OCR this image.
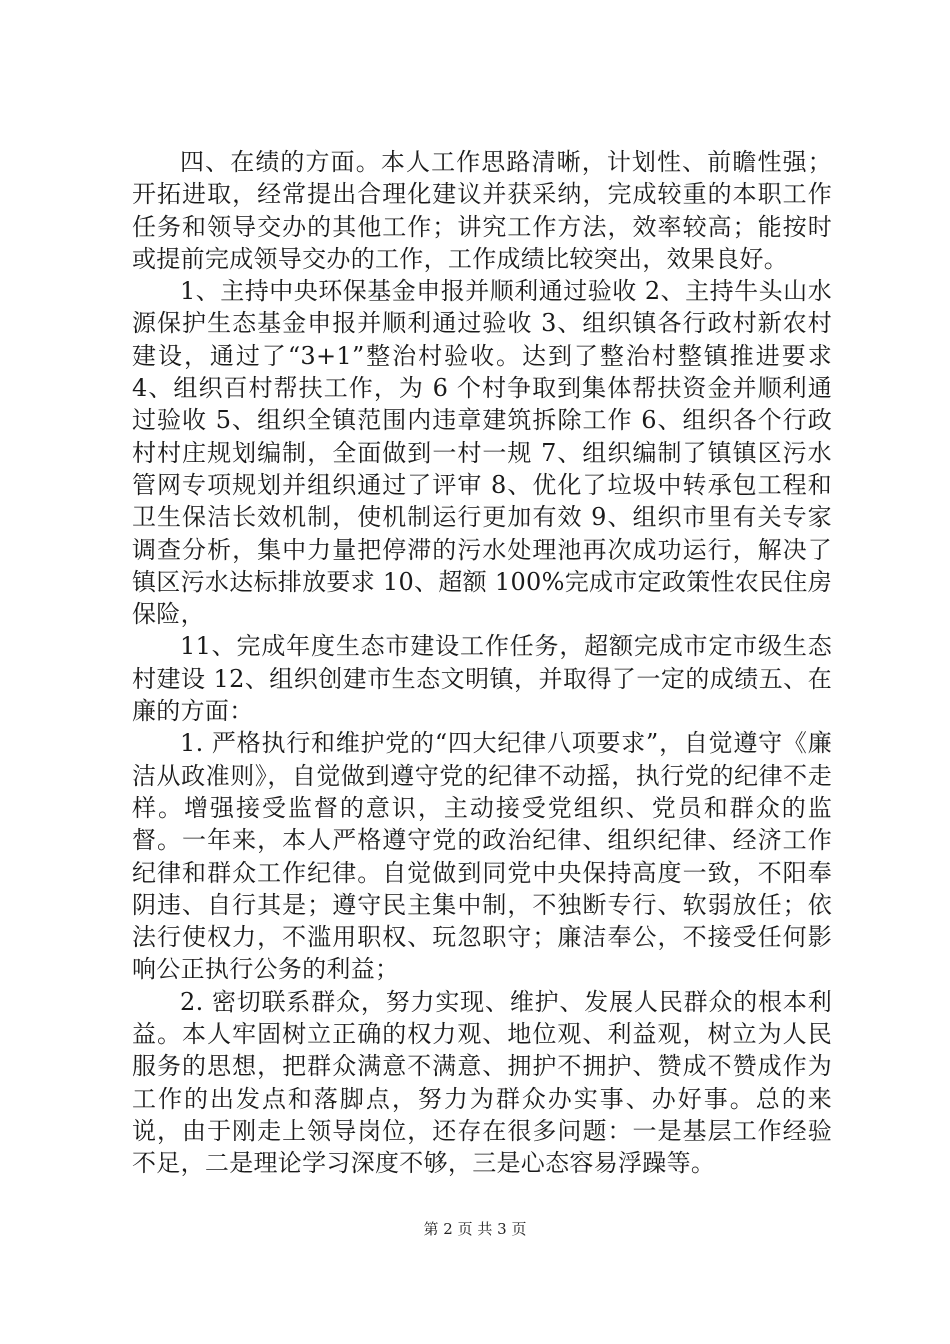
四、在绩的方面。本人工作思路清晰，计划性、前瞻性强；开拓进取，经常提出合理化建议并获采纳，完成较重的本职工作任务和领导交办的其他工作；讲究工作方法，效率较高；能按时或提前完成领导交办的工作，工作成绩比较突出，效果良好。

1、主持中央环保基金申报并顺利通过验收 2、主持牛头山水源保护生态基金申报并顺利通过验收 3、组织镇各行政村新农村建设，通过了“3+1”整治村验收。达到了整治村整镇推进要求 4、组织百村帮扶工作，为 6 个村争取到集体帮扶资金并顺利通过验收 5、组织全镇范围内违章建筑拆除工作 6、组织各个行政村村庄规划编制，全面做到一村一规 7、组织编制了镇镇区污水管网专项规划并组织通过了评审 8、优化了垃圾中转承包工程和卫生保洁长效机制，使机制运行更加有效 9、组织市里有关专家调查分析，集中力量把停滞的污水处理池再次成功运行，解决了镇区污水达标排放要求 10、超额 100%完成市定政策性农民住房保险，

11、完成年度生态市建设工作任务，超额完成市定市级生态村建设 12、组织创建市生态文明镇，并取得了一定的成绩五、在廉的方面：

1. 严格执行和维护党的“四大纪律八项要求”，自觉遵守《廉洁从政准则》，自觉做到遵守党的纪律不动摇，执行党的纪律不走样。增强接受监督的意识，主动接受党组织、党员和群众的监督。一年来，本人严格遵守党的政治纪律、组织纪律、经济工作纪律和群众工作纪律。自觉做到同党中央保持高度一致，不阳奉阴违、自行其是；遵守民主集中制，不独断专行、软弱放任；依法行使权力，不滥用职权、玩忽职守；廉洁奉公，不接受任何影响公正执行公务的利益；

2. 密切联系群众，努力实现、维护、发展人民群众的根本利益。本人牢固树立正确的权力观、地位观、利益观，树立为人民服务的思想，把群众满意不满意、拥护不拥护、赞成不赞成作为工作的出发点和落脚点，努力为群众办实事、办好事。总的来说，由于刚走上领导岗位，还存在很多问题：一是基层工作经验不足，二是理论学习深度不够，三是心态容易浮躁等。

第 2 页 共 3 页
